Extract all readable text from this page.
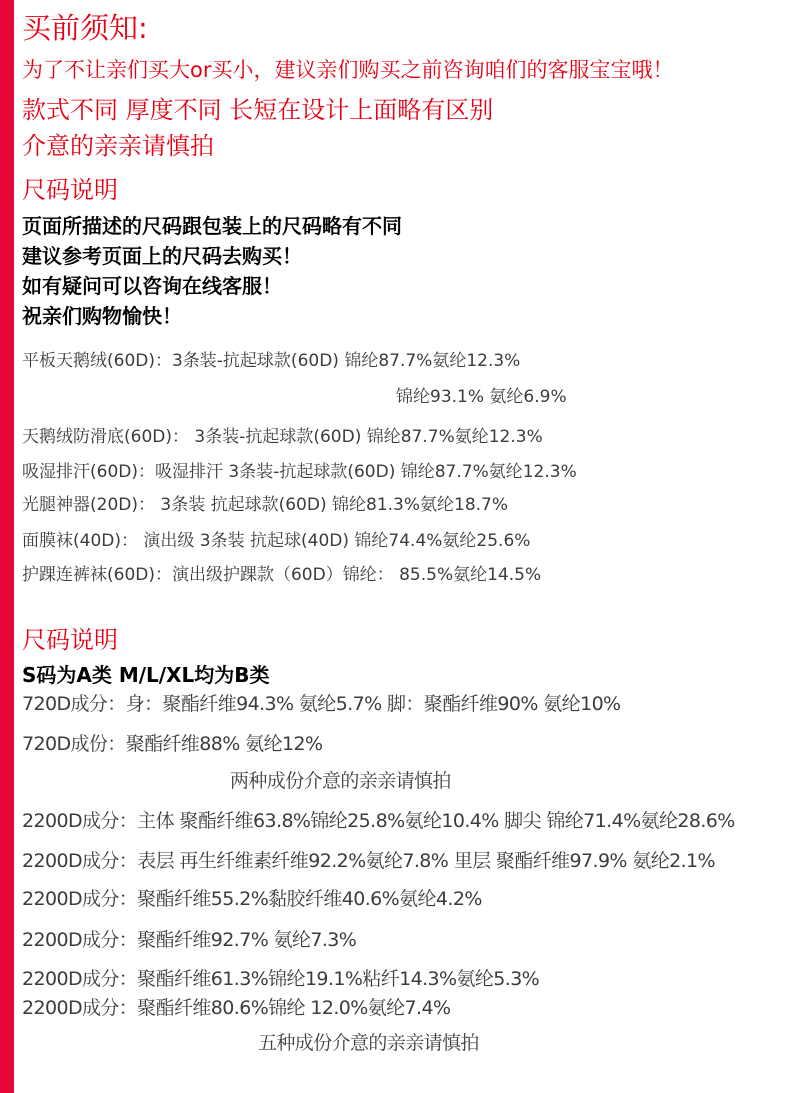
买前须知:
为了不让亲们买大or买小，建议亲们购买之前咨询咱们的客服宝宝哦！
款式不同 厚度不同 长短在设计上面略有区别
介意的亲亲请慎拍
尺码说明
页面所描述的尺码跟包装上的尺码略有不同
建议参考页面上的尺码去购买！
如有疑问可以咨询在线客服！
祝亲们购物愉快！
平板天鹅绒(60D)：3条装-抗起球款(60D) 锦纶87.7%氨纶12.3%
锦纶93.1% 氨纶6.9%
天鹅绒防滑底(60D)： 3条装-抗起球款(60D) 锦纶87.7%氨纶12.3%
吸湿排汗(60D)：吸湿排汗 3条装-抗起球款(60D) 锦纶87.7%氨纶12.3%
光腿神器(20D)： 3条装 抗起球款(60D) 锦纶81.3%氨纶18.7%
面膜袜(40D)： 演出级 3条装 抗起球(40D) 锦纶74.4%氨纶25.6%
护踝连裤袜(60D)：演出级护踝款（60D）锦纶： 85.5%氨纶14.5%
尺码说明
S码为A类 M/L/XL均为B类
720D成分：身：聚酯纤维94.3% 氨纶5.7% 脚：聚酯纤维90% 氨纶10%
720D成份：聚酯纤维88% 氨纶12%
两种成份介意的亲亲请慎拍
2200D成分：主体 聚酯纤维63.8%锦纶25.8%氨纶10.4% 脚尖 锦纶71.4%氨纶28.6%
2200D成分：表层 再生纤维素纤维92.2%氨纶7.8% 里层 聚酯纤维97.9% 氨纶2.1%
2200D成分：聚酯纤维55.2%黏胶纤维40.6%氨纶4.2%
2200D成分：聚酯纤维92.7% 氨纶7.3%
2200D成分：聚酯纤维61.3%锦纶19.1%粘纤14.3%氨纶5.3%
2200D成分：聚酯纤维80.6%锦纶 12.0%氨纶7.4%
五种成份介意的亲亲请慎拍
